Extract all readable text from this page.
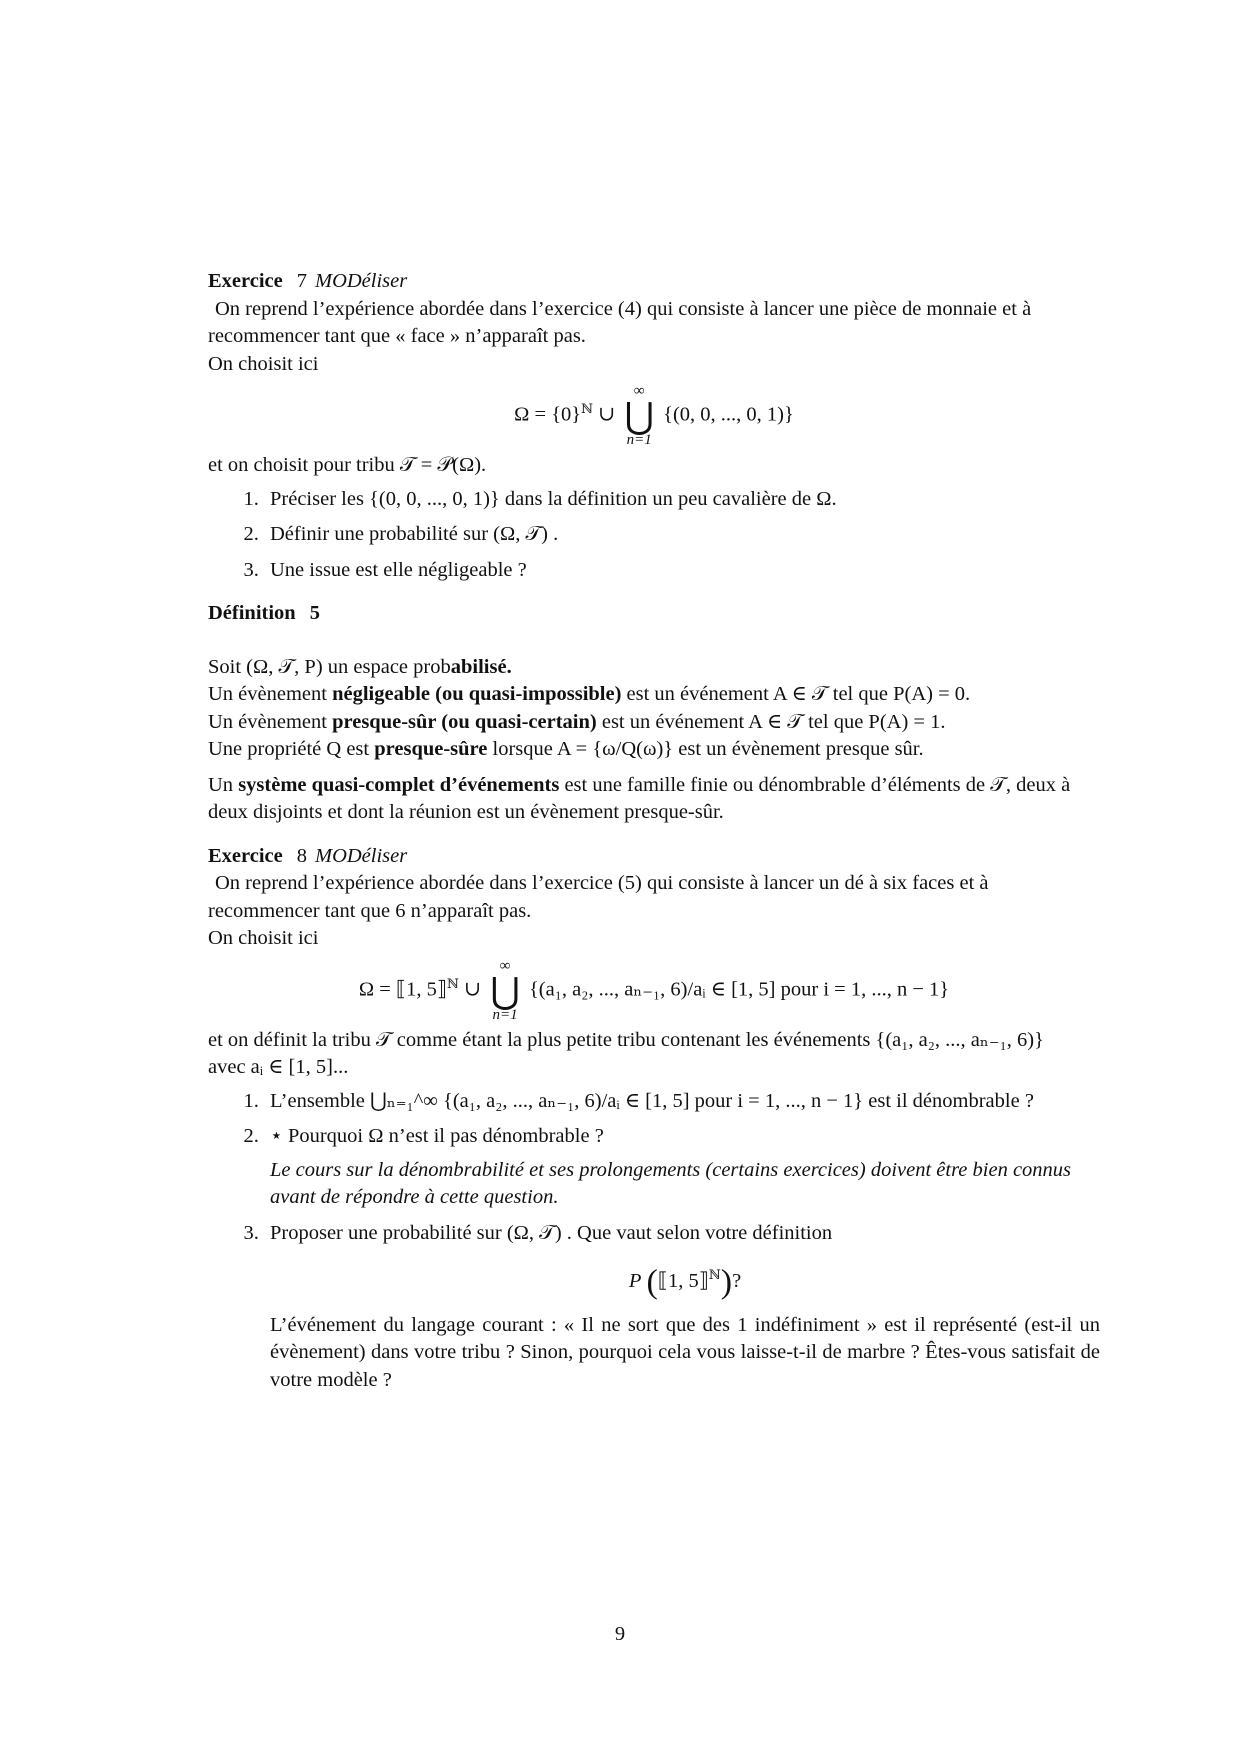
Exercice 7 MODéliser

On reprend l’expérience abordée dans l’exercice (4) qui consiste à lancer une pièce de monnaie et à recommencer tant que « face » n’apparaît pas.

On choisit ici

$\Omega = \{0\}^ℕ$ ∪
∞
⋃
n=1
{(0, 0, ..., 0, 1)}

et on choisit pour tribu 𝒯 = 𝒫(Ω).

1. Préciser les {(0, 0, ..., 0, 1)} dans la définition un peu cavalière de Ω.
2. Définir une probabilité sur (Ω, 𝒯) .
3. Une issue est elle négligeable ?

Définition 5

Soit (Ω, 𝒯, P) un espace probabilisé.

Un évènement négligeable (ou quasi-impossible) est un événement A ∈ 𝒯 tel que P(A) = 0.

Un évènement presque-sûr (ou quasi-certain) est un événement A ∈ 𝒯 tel que P(A) = 1.

Une propriété Q est presque-sûre lorsque A = {ω/Q(ω)} est un évènement presque sûr.

Un système quasi-complet d’événements est une famille finie ou dénombrable d’éléments de 𝒯, deux à deux disjoints et dont la réunion est un évènement presque-sûr.

Exercice 8 MODéliser

On reprend l’expérience abordée dans l’exercice (5) qui consiste à lancer un dé à six faces et à recommencer tant que 6 n’apparaît pas.

On choisit ici

Ω = ⟦1, 5⟧$^ℕ$ ∪
∞
⋃
n=1
{(a₁, a₂, ..., aₙ₋₁, 6)/aᵢ ∈ [1, 5] pour i = 1, ..., n − 1}

et on définit la tribu 𝒯 comme étant la plus petite tribu contenant les événements {(a₁, a₂, ..., aₙ₋₁, 6)}

avec aᵢ ∈ [1, 5]...

1. L’ensemble ⋃ₙ₌₁^∞ {(a₁, a₂, ..., aₙ₋₁, 6)/aᵢ ∈ [1, 5] pour i = 1, ..., n − 1} est il dénombrable ?
2. ⋆ Pourquoi Ω n’est il pas dénombrable ?
Le cours sur la dénombrabilité et ses prolongements (certains exercices) doivent être bien connus avant de répondre à cette question.
3. Proposer une probabilité sur (Ω, 𝒯) . Que vaut selon votre définition
P (⟦1, 5⟧$^ℕ$)?
L’événement du langage courant : « Il ne sort que des 1 indéfiniment » est il représenté (est-il un évènement) dans votre tribu ? Sinon, pourquoi cela vous laisse-t-il de marbre ? Êtes-vous satisfait de votre modèle ?
9
